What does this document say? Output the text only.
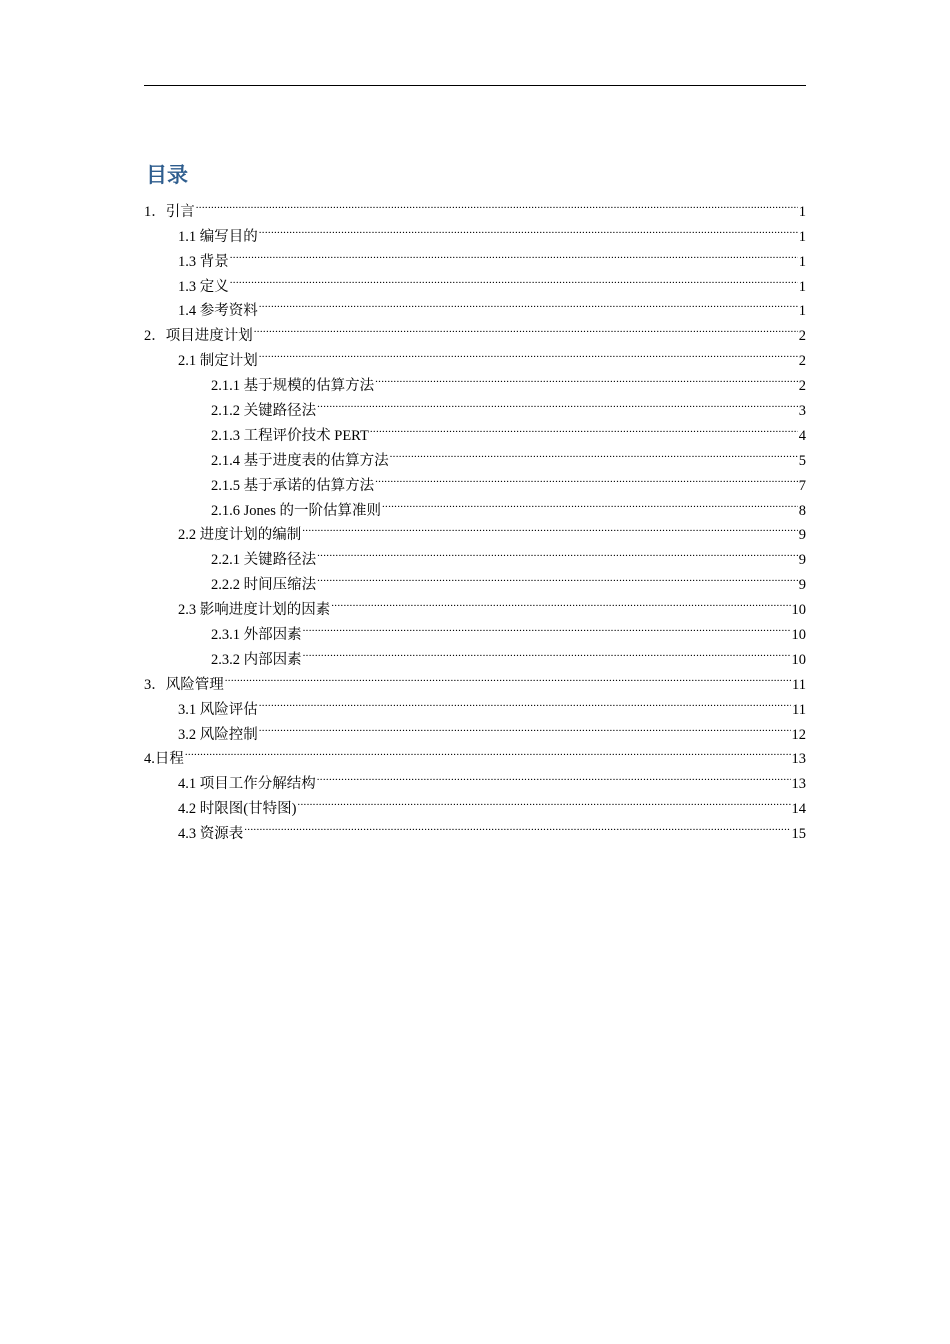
目录
1．引言 .....	1
1.1 编写目的 .....	1
1.3 背景 .....	1
1.3 定义 .....	1
1.4 参考资料 .....	1
2．项目进度计划 .....	2
2.1 制定计划 .....	2
2.1.1 基于规模的估算方法 .....	2
2.1.2 关键路径法 .....	3
2.1.3 工程评价技术 PERT .....	4
2.1.4 基于进度表的估算方法 .....	5
2.1.5 基于承诺的估算方法 .....	7
2.1.6 Jones 的一阶估算准则 .....	8
2.2 进度计划的编制 .....	9
2.2.1 关键路径法 .....	9
2.2.2 时间压缩法 .....	9
2.3 影响进度计划的因素 .....	10
2.3.1 外部因素 .....	10
2.3.2 内部因素 .....	10
3．风险管理 .....	11
3.1 风险评估 .....	11
3.2 风险控制 .....	12
4.日程 .....	13
4.1 项目工作分解结构 .....	13
4.2 时限图(甘特图) .....	14
4.3 资源表 .....	15
